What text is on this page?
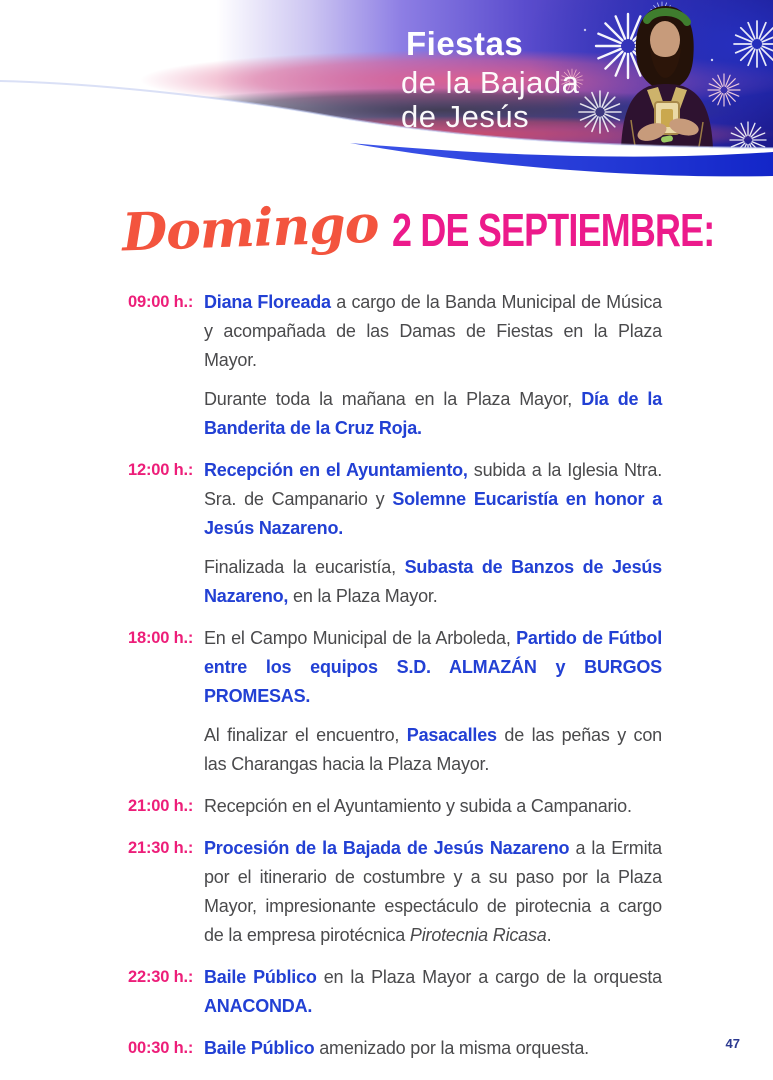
Fiestas
de la Bajada
de Jesús
Domingo 2 DE SEPTIEMBRE:
09:00 h.: Diana Floreada a cargo de la Banda Municipal de Música y acompañada de las Damas de Fiestas en la Plaza Mayor.

Durante toda la mañana en la Plaza Mayor, Día de la Banderita de la Cruz Roja.

12:00 h.: Recepción en el Ayuntamiento, subida a la Iglesia Ntra. Sra. de Campanario y Solemne Eucaristía en honor a Jesús Nazareno.

Finalizada la eucaristía, Subasta de Banzos de Jesús Nazareno, en la Plaza Mayor.

18:00 h.: En el Campo Municipal de la Arboleda, Partido de Fútbol entre los equipos S.D. ALMAZÁN y BURGOS PROMESAS.

Al finalizar el encuentro, Pasacalles de las peñas y con las Charangas hacia la Plaza Mayor.

21:00 h.: Recepción en el Ayuntamiento y subida a Campanario.

21:30 h.: Procesión de la Bajada de Jesús Nazareno a la Ermita por el itinerario de costumbre y a su paso por la Plaza Mayor, impresionante espectáculo de pirotecnia a cargo de la empresa pirotécnica Pirotecnia Ricasa.

22:30 h.: Baile Público en la Plaza Mayor a cargo de la orquesta ANACONDA.

00:30 h.: Baile Público amenizado por la misma orquesta.	47
